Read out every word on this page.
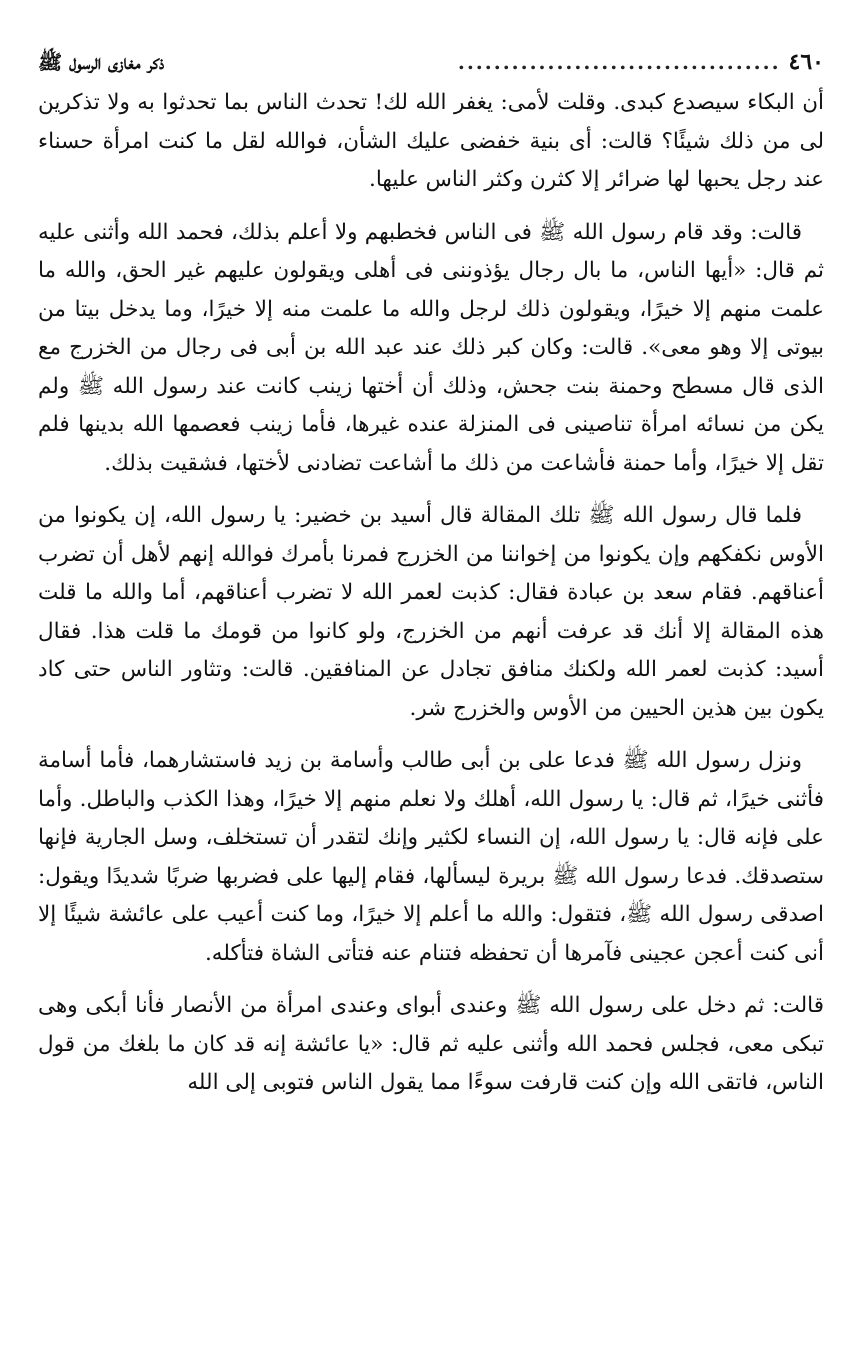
٤٦٠
....................................
ذكر مغازى الرسول ﷺ

أن البكاء سيصدع كبدى. وقلت لأمى: يغفر الله لك! تحدث الناس بما تحدثوا به ولا تذكرين لى من ذلك شيئًا؟ قالت: أى بنية خفضى عليك الشأن، فوالله لقل ما كنت امرأة حسناء عند رجل يحبها لها ضرائر إلا كثرن وكثر الناس عليها.

قالت: وقد قام رسول الله ﷺ فى الناس فخطبهم ولا أعلم بذلك، فحمد الله وأثنى عليه ثم قال: «أيها الناس، ما بال رجال يؤذوننى فى أهلى ويقولون عليهم غير الحق، والله ما علمت منهم إلا خيرًا، ويقولون ذلك لرجل والله ما علمت منه إلا خيرًا، وما يدخل بيتا من بيوتى إلا وهو معى». قالت: وكان كبر ذلك عند عبد الله بن أبى فى رجال من الخزرج مع الذى قال مسطح وحمنة بنت جحش، وذلك أن أختها زينب كانت عند رسول الله ﷺ ولم يكن من نسائه امرأة تناصينى فى المنزلة عنده غيرها، فأما زينب فعصمها الله بدينها فلم تقل إلا خيرًا، وأما حمنة فأشاعت من ذلك ما أشاعت تضادنى لأختها، فشقيت بذلك.

فلما قال رسول الله ﷺ تلك المقالة قال أسيد بن خضير: يا رسول الله، إن يكونوا من الأوس نكفكهم وإن يكونوا من إخواننا من الخزرج فمرنا بأمرك فوالله إنهم لأهل أن تضرب أعناقهم. فقام سعد بن عبادة فقال: كذبت لعمر الله لا تضرب أعناقهم، أما والله ما قلت هذه المقالة إلا أنك قد عرفت أنهم من الخزرج، ولو كانوا من قومك ما قلت هذا. فقال أسيد: كذبت لعمر الله ولكنك منافق تجادل عن المنافقين. قالت: وتثاور الناس حتى كاد يكون بين هذين الحيين من الأوس والخزرج شر.

ونزل رسول الله ﷺ فدعا على بن أبى طالب وأسامة بن زيد فاستشارهما، فأما أسامة فأثنى خيرًا، ثم قال: يا رسول الله، أهلك ولا نعلم منهم إلا خيرًا، وهذا الكذب والباطل. وأما على فإنه قال: يا رسول الله، إن النساء لكثير وإنك لتقدر أن تستخلف، وسل الجارية فإنها ستصدقك. فدعا رسول الله ﷺ بريرة ليسألها، فقام إليها على فضربها ضربًا شديدًا ويقول: اصدقى رسول الله ﷺ، فتقول: والله ما أعلم إلا خيرًا، وما كنت أعيب على عائشة شيئًا إلا أنى كنت أعجن عجينى فآمرها أن تحفظه فتنام عنه فتأتى الشاة فتأكله.

قالت: ثم دخل على رسول الله ﷺ وعندى أبواى وعندى امرأة من الأنصار فأنا أبكى وهى تبكى معى، فجلس فحمد الله وأثنى عليه ثم قال: «يا عائشة إنه قد كان ما بلغك من قول الناس، فاتقى الله وإن كنت قارفت سوءًا مما يقول الناس فتوبى إلى الله
